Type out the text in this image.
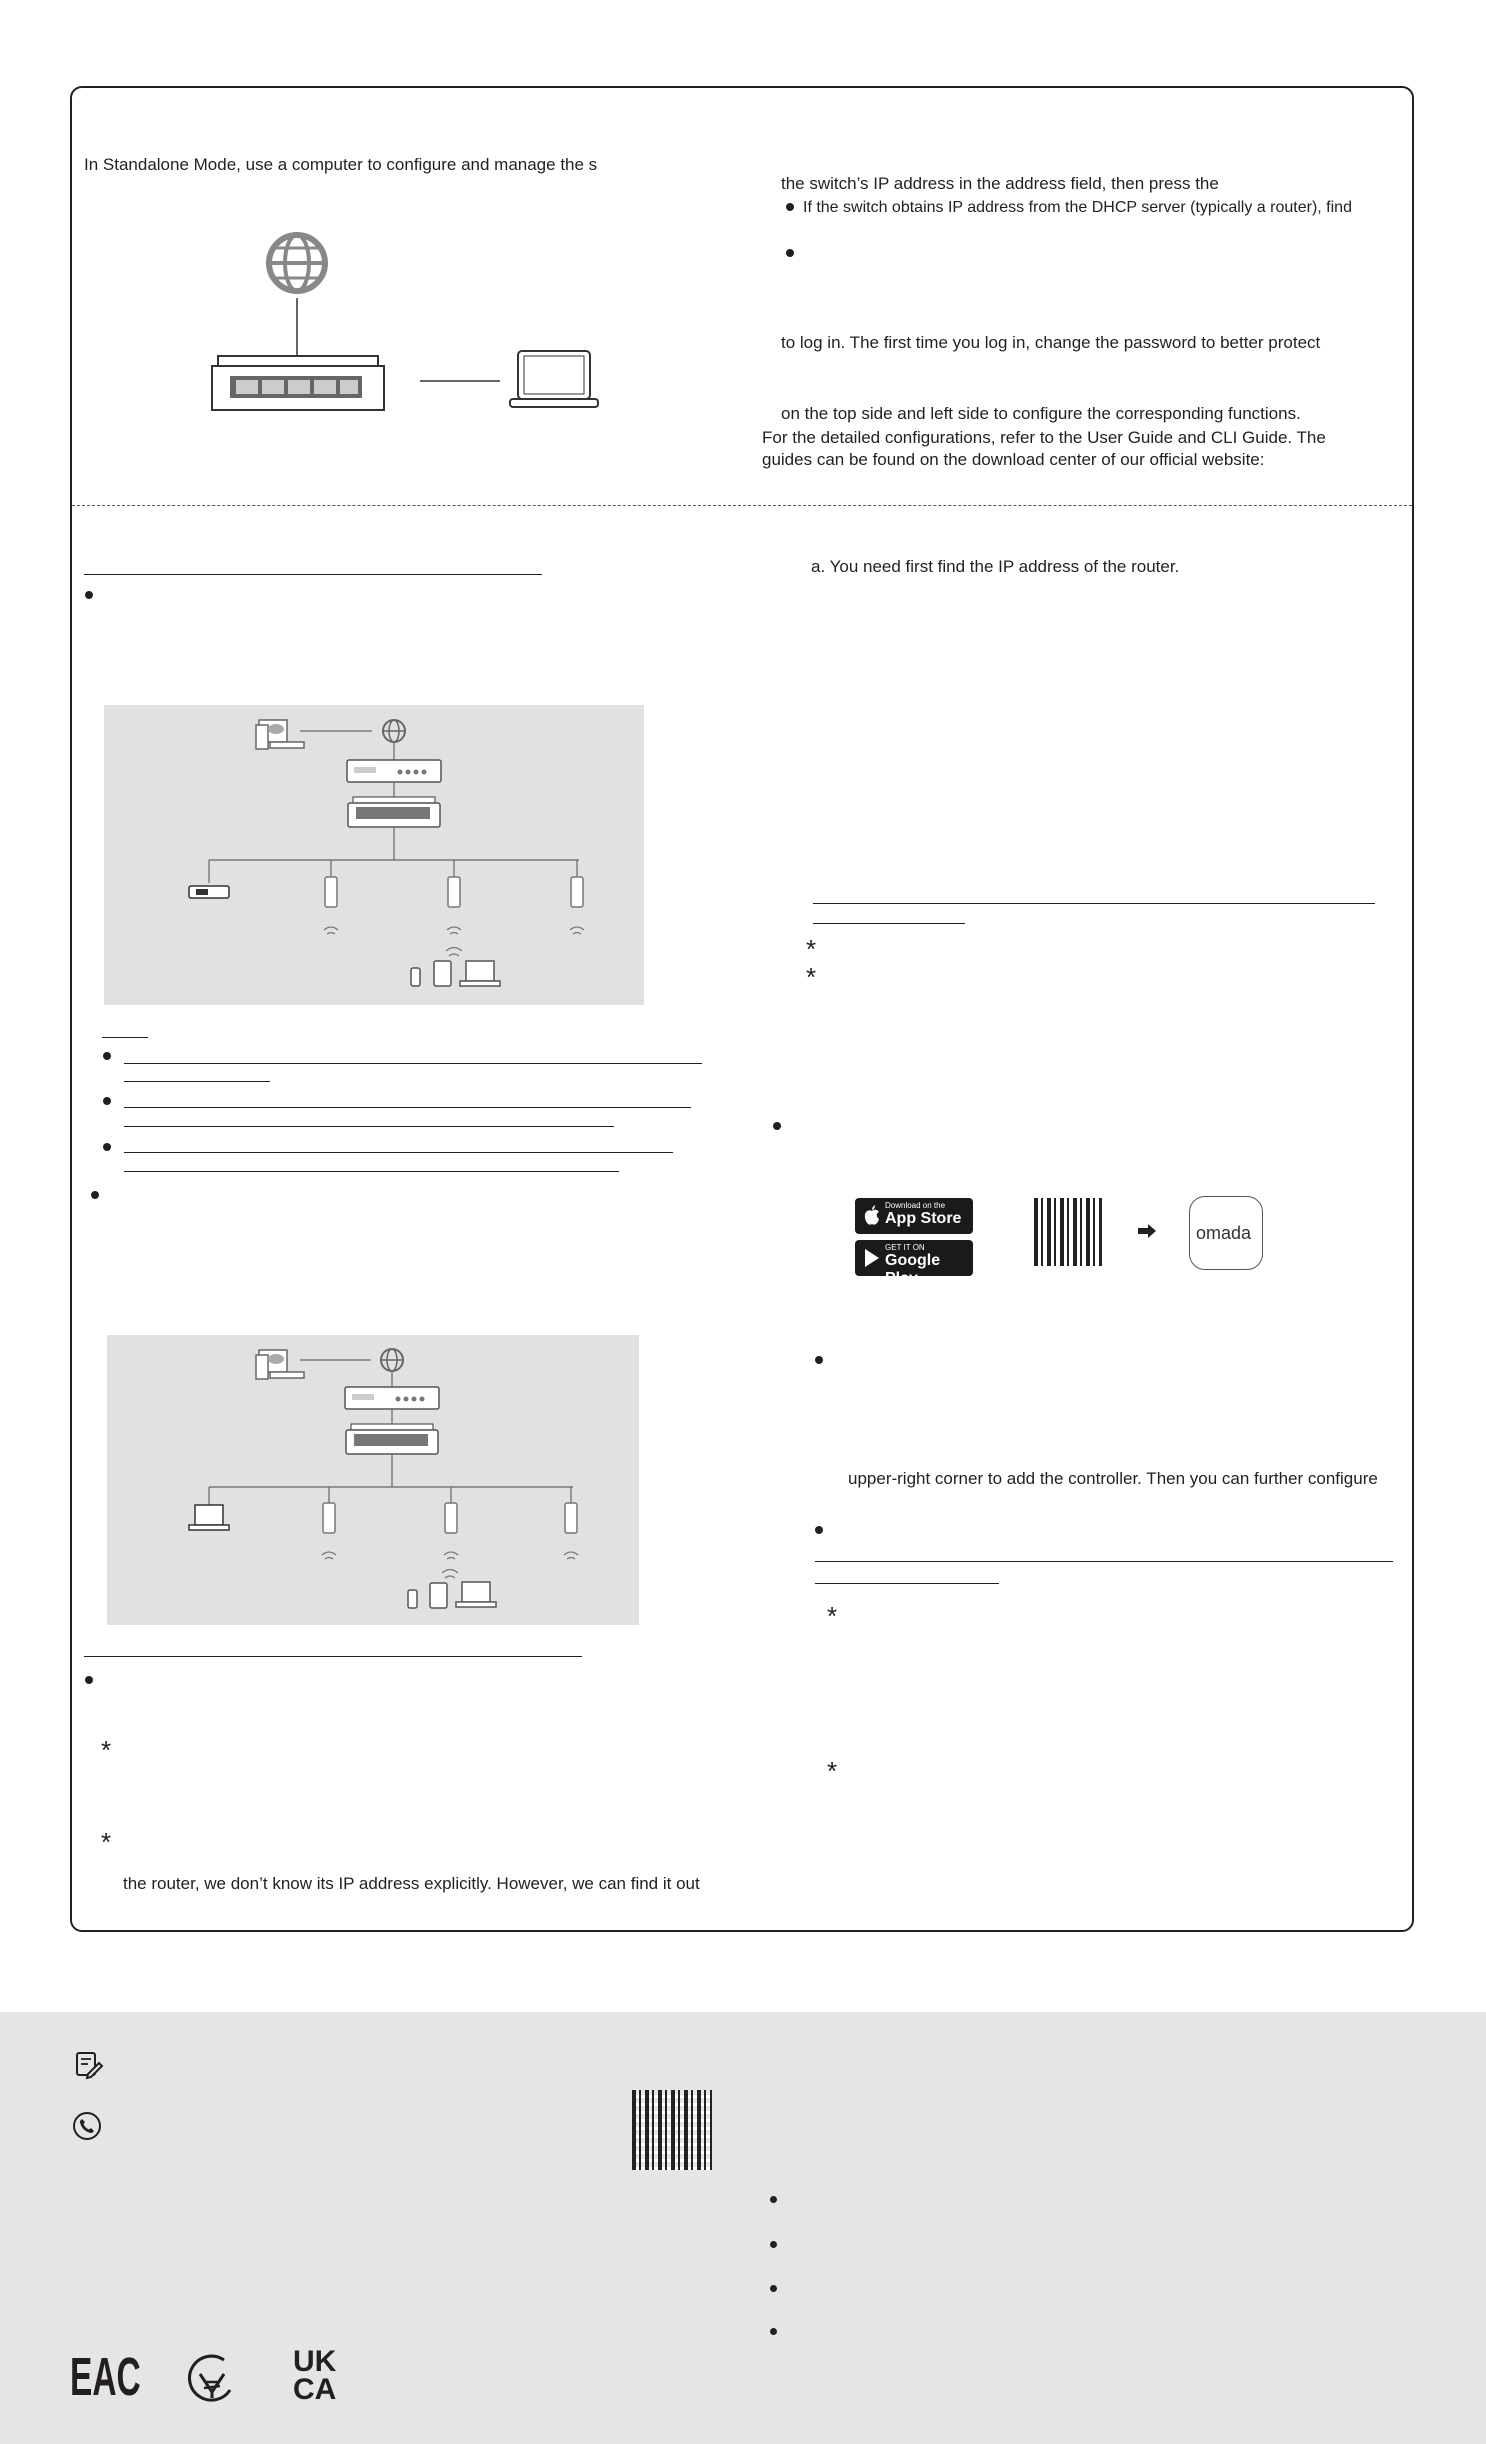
In Standalone Mode, use a computer to configure and manage the s
the switch’s IP address in the address field, then press the
If the switch obtains IP address from the DHCP server (typically a router), find
to log in. The first time you log in, change the password to better protect
on the top side and left side to configure the corresponding functions.
For the detailed configurations, refer to the User Guide and CLI Guide. The
guides can be found on the download center of our official website:
*
*
the router, we don’t know its IP address explicitly. However, we can find it out
a. You need first find the IP address of the router.
*
*
Download on the
App Store
GET IT ON
Google Play
omada
upper-right corner to add the controller. Then you can further configure
*
*
EAC	UK
CA
